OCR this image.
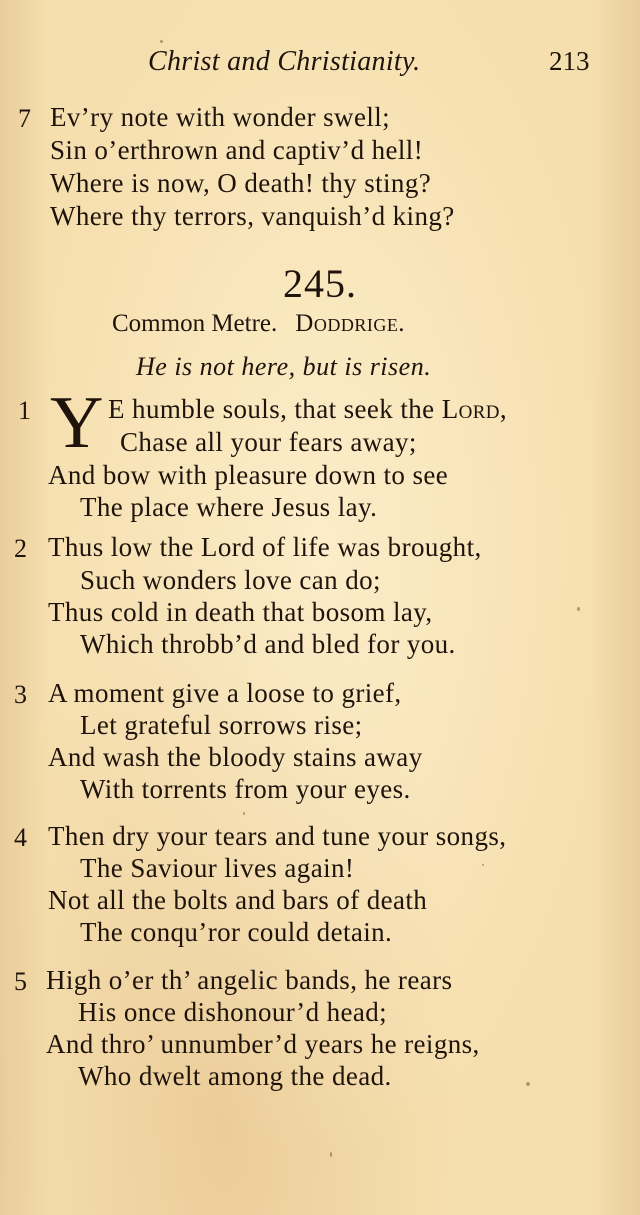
Christ and Christianity.	213
7 Ev’ry note with wonder swell;
Sin o’erthrown and captiv’d hell!
Where is now, O death! thy sting?
Where thy terrors, vanquish’d king?
245.
Common Metre. Doddrige.
He is not here, but is risen.
1 Y E humble souls, that seek the Lord,
Chase all your fears away;
And bow with pleasure down to see
The place where Jesus lay.
2 Thus low the Lord of life was brought,
Such wonders love can do;
Thus cold in death that bosom lay,
Which throbb’d and bled for you.
3 A moment give a loose to grief,
Let grateful sorrows rise;
And wash the bloody stains away
With torrents from your eyes.
4 Then dry your tears and tune your songs,
The Saviour lives again!
Not all the bolts and bars of death
The conqu’ror could detain.
5 High o’er th’ angelic bands, he rears
His once dishonour’d head;
And thro’ unnumber’d years he reigns,
Who dwelt among the dead.
